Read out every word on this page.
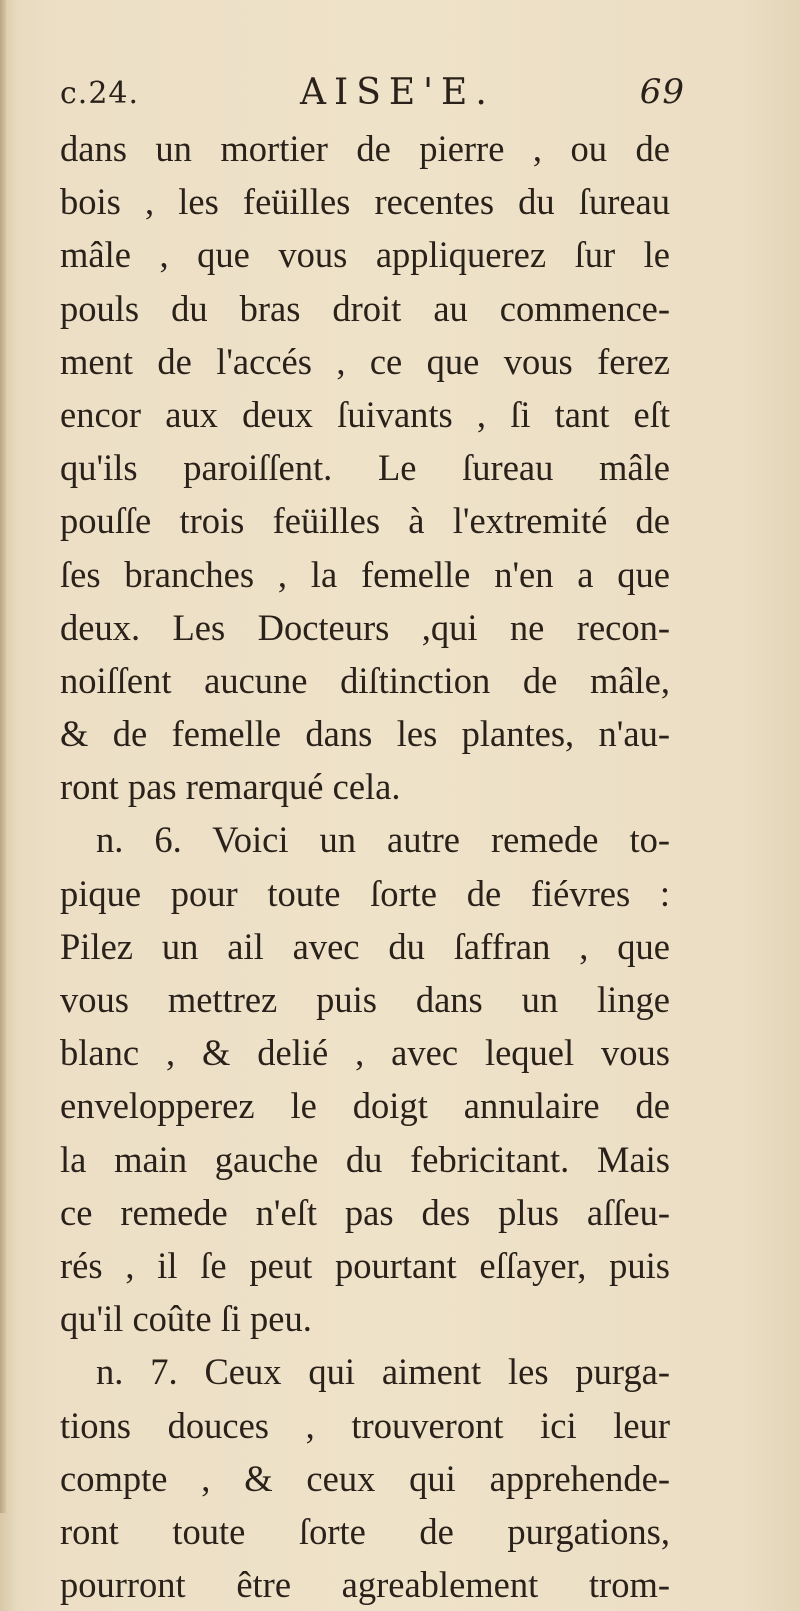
c.24.	AISE'E.	69
dans un mortier de pierre , ou de
bois , les feüilles recentes du ſureau
mâle , que vous appliquerez ſur le
pouls du bras droit au commence-
ment de l'accés , ce que vous ferez
encor aux deux ſuivants , ſi tant eſt
qu'ils paroiſſent. Le ſureau mâle
pouſſe trois feüilles à l'extremité de
ſes branches , la femelle n'en a que
deux. Les Docteurs ,qui ne recon-
noiſſent aucune diſtinction de mâle,
& de femelle dans les plantes, n'au-
ront pas remarqué cela.
n. 6. Voici un autre remede to-
pique pour toute ſorte de fiévres :
Pilez un ail avec du ſaffran , que
vous mettrez puis dans un linge
blanc , & delié , avec lequel vous
envelopperez le doigt annulaire de
la main gauche du febricitant. Mais
ce remede n'eſt pas des plus aſſeu-
rés , il ſe peut pourtant eſſayer, puis
qu'il coûte ſi peu.
n. 7. Ceux qui aiment les purga-
tions douces , trouveront ici leur
compte , & ceux qui apprehende-
ront toute ſorte de purgations,
pourront être agreablement trom-
